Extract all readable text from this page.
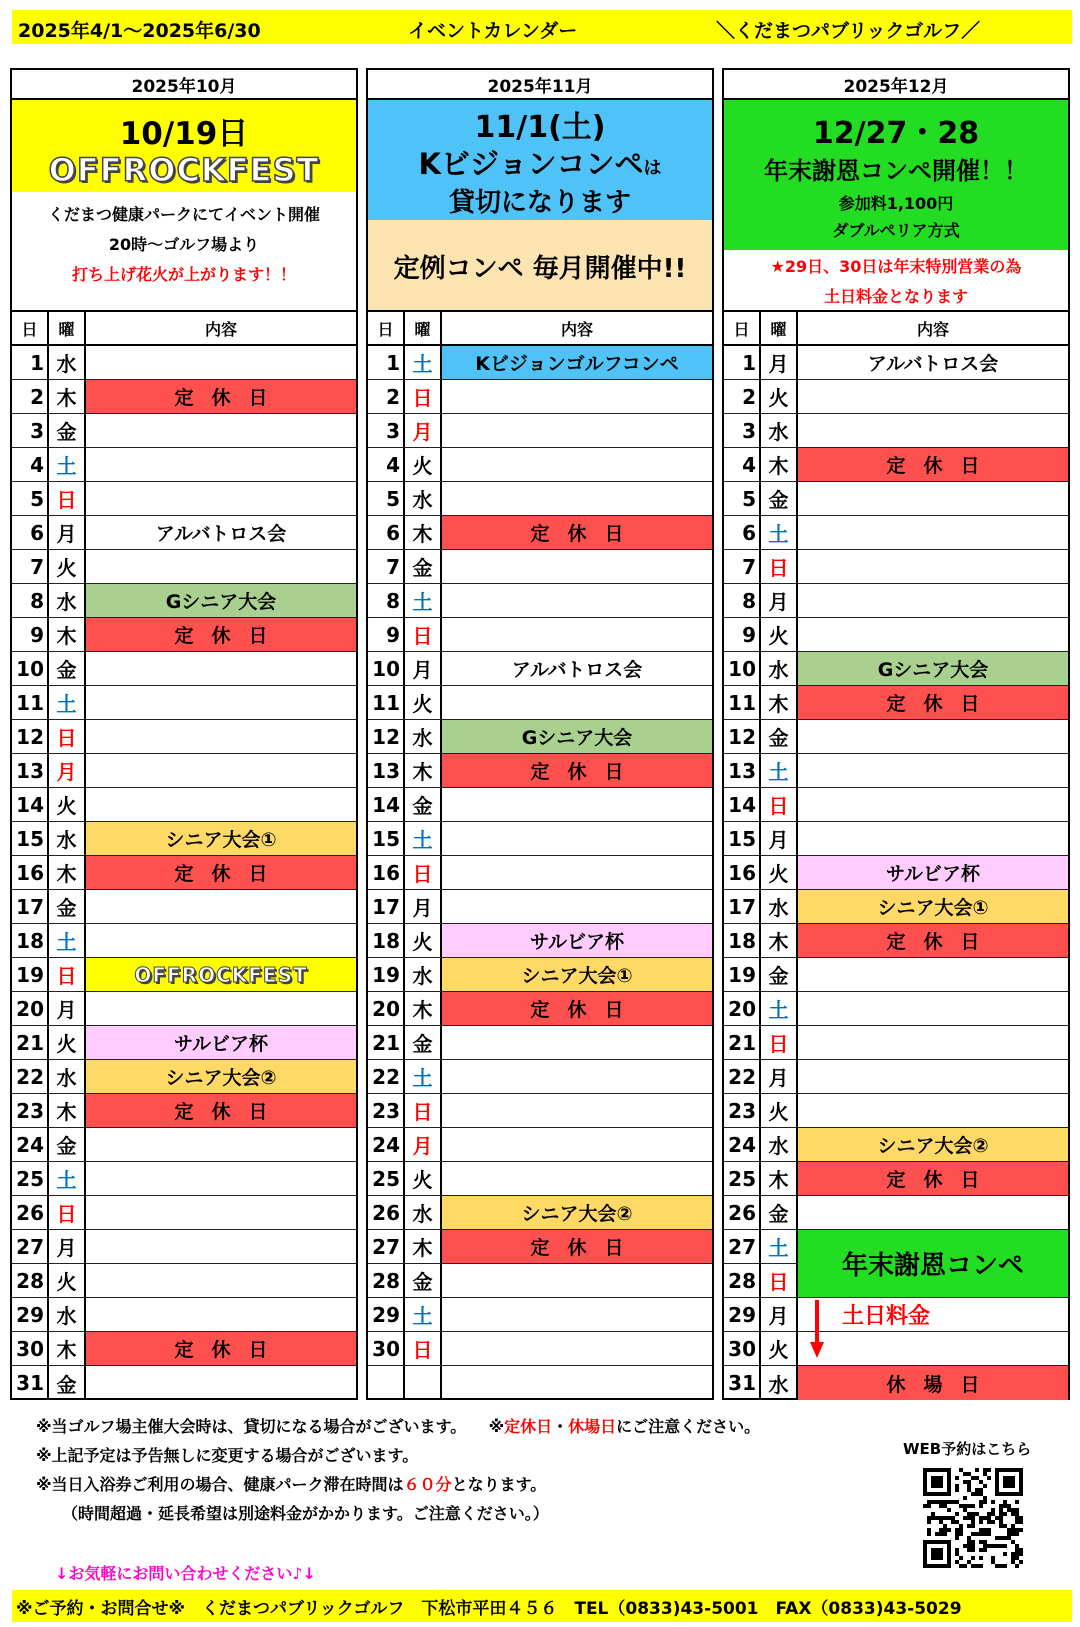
2025年4/1〜2025年6/30	イベントカレンダー	＼くだまつパブリックゴルフ／
2025年10月
10/19日
OFFROCKFEST
くだまつ健康パークにてイベント開催
20時〜ゴルフ場より
打ち上げ花火が上がります！！
日	曜	内容
1 水
2 木	定休日
3 金
4 土
5 日
6 月	アルバトロス会
7 火
8 水	Gシニア大会
9 木	定休日
10 金
11 土
12 日
13 月
14 火
15 水	シニア大会①
16 木	定休日
17 金
18 土
19 日	OFFROCKFEST
20 月
21 火	サルビア杯
22 水	シニア大会②
23 木	定休日
24 金
25 土
26 日
27 月
28 火
29 水
30 木	定休日
31 金
2025年11月
11/1(土)
Kビジョンコンペは
貸切になります
定例コンペ 毎月開催中!!
日	曜	内容
1 土	Kビジョンゴルフコンペ
2 日
3 月
4 火
5 水
6 木	定休日
7 金
8 土
9 日
10 月	アルバトロス会
11 火
12 水	Gシニア大会
13 木	定休日
14 金
15 土
16 日
17 月
18 火	サルビア杯
19 水	シニア大会①
20 木	定休日
21 金
22 土
23 日
24 月
25 火
26 水	シニア大会②
27 木	定休日
28 金
29 土
30 日
2025年12月
12/27・28
年末謝恩コンペ開催！！
参加料1,100円
ダブルペリア方式
★29日、30日は年末特別営業の為
土日料金となります
日	曜	内容
1 月	アルバトロス会
2 火
3 水
4 木	定休日
5 金
6 土
7 日
8 月
9 火
10 水	Gシニア大会
11 木	定休日
12 金
13 土
14 日
15 月
16 火	サルビア杯
17 水	シニア大会①
18 木	定休日
19 金
20 土
21 日
22 月
23 火
24 水	シニア大会②
25 木	定休日
26 金
27 土
年末謝恩コンペ
28 日
29 月	土日料金
30 火
31 水	休場日
※当ゴルフ場主催大会時は、貸切になる場合がございます。 ※定休日・休場日にご注意ください。
※上記予定は予告無しに変更する場合がございます。
※当日入浴券ご利用の場合、健康パーク滞在時間は６０分となります。
（時間超過・延長希望は別途料金がかかります。ご注意ください。）
WEB予約はこちら
↓お気軽にお問い合わせください♪↓
※ご予約・お問合せ※　くだまつパブリックゴルフ　下松市平田４５６　TEL（0833)43-5001　FAX（0833)43-5029
